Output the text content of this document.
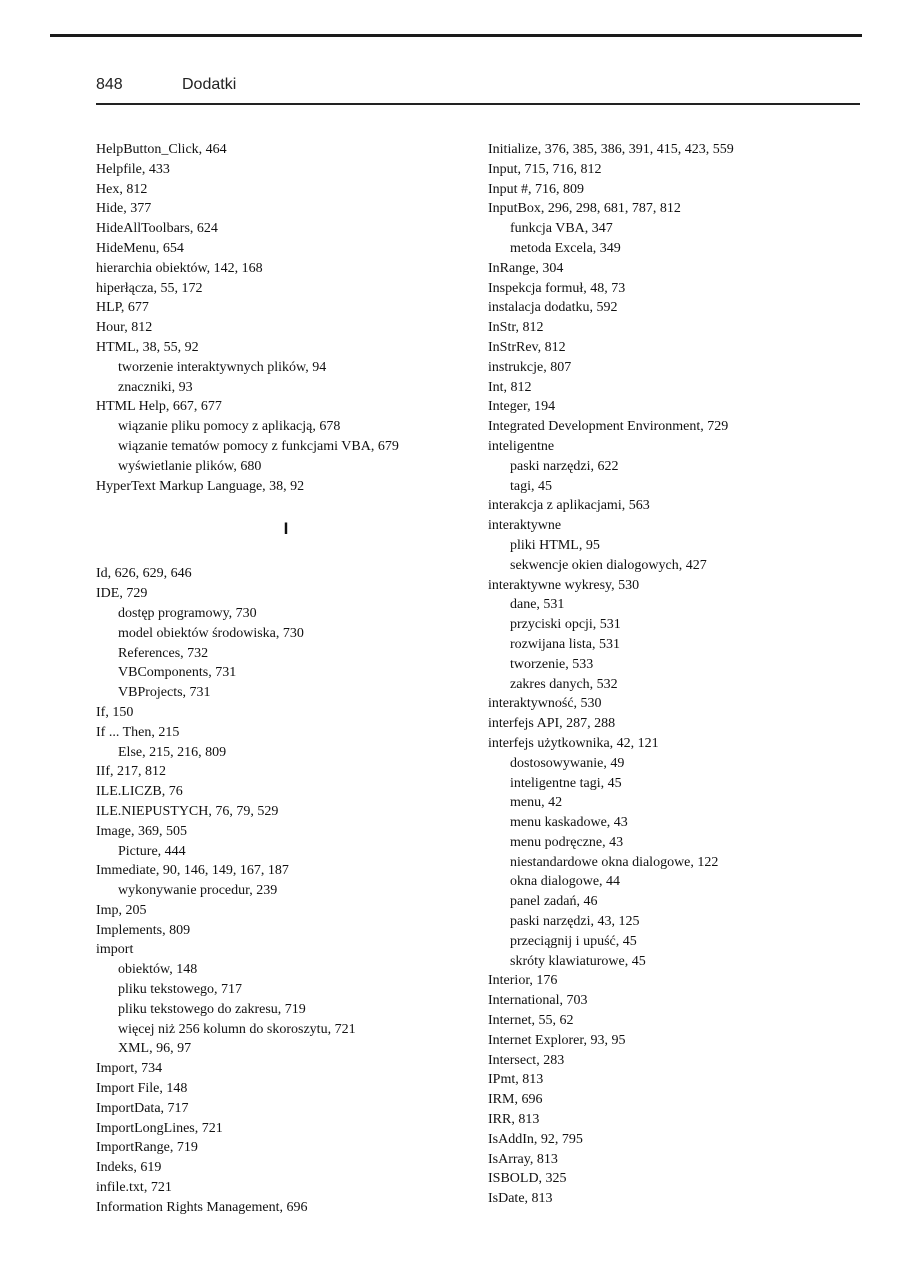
848	Dodatki
HelpButton_Click, 464
Helpfile, 433
Hex, 812
Hide, 377
HideAllToolbars, 624
HideMenu, 654
hierarchia obiektów, 142, 168
hiperłącza, 55, 172
HLP, 677
Hour, 812
HTML, 38, 55, 92
tworzenie interaktywnych plików, 94
znaczniki, 93
HTML Help, 667, 677
wiązanie pliku pomocy z aplikacją, 678
wiązanie tematów pomocy z funkcjami VBA, 679
wyświetlanie plików, 680
HyperText Markup Language, 38, 92
I
Id, 626, 629, 646
IDE, 729
dostęp programowy, 730
model obiektów środowiska, 730
References, 732
VBComponents, 731
VBProjects, 731
If, 150
If ... Then, 215
Else, 215, 216, 809
IIf, 217, 812
ILE.LICZB, 76
ILE.NIEPUSTYCH, 76, 79, 529
Image, 369, 505
Picture, 444
Immediate, 90, 146, 149, 167, 187
wykonywanie procedur, 239
Imp, 205
Implements, 809
import
obiektów, 148
pliku tekstowego, 717
pliku tekstowego do zakresu, 719
więcej niż 256 kolumn do skoroszytu, 721
XML, 96, 97
Import, 734
Import File, 148
ImportData, 717
ImportLongLines, 721
ImportRange, 719
Indeks, 619
infile.txt, 721
Information Rights Management, 696
Initialize, 376, 385, 386, 391, 415, 423, 559
Input, 715, 716, 812
Input #, 716, 809
InputBox, 296, 298, 681, 787, 812
funkcja VBA, 347
metoda Excela, 349
InRange, 304
Inspekcja formuł, 48, 73
instalacja dodatku, 592
InStr, 812
InStrRev, 812
instrukcje, 807
Int, 812
Integer, 194
Integrated Development Environment, 729
inteligentne
paski narzędzi, 622
tagi, 45
interakcja z aplikacjami, 563
interaktywne
pliki HTML, 95
sekwencje okien dialogowych, 427
interaktywne wykresy, 530
dane, 531
przyciski opcji, 531
rozwijana lista, 531
tworzenie, 533
zakres danych, 532
interaktywność, 530
interfejs API, 287, 288
interfejs użytkownika, 42, 121
dostosowywanie, 49
inteligentne tagi, 45
menu, 42
menu kaskadowe, 43
menu podręczne, 43
niestandardowe okna dialogowe, 122
okna dialogowe, 44
panel zadań, 46
paski narzędzi, 43, 125
przeciągnij i upuść, 45
skróty klawiaturowe, 45
Interior, 176
International, 703
Internet, 55, 62
Internet Explorer, 93, 95
Intersect, 283
IPmt, 813
IRM, 696
IRR, 813
IsAddIn, 92, 795
IsArray, 813
ISBOLD, 325
IsDate, 813
